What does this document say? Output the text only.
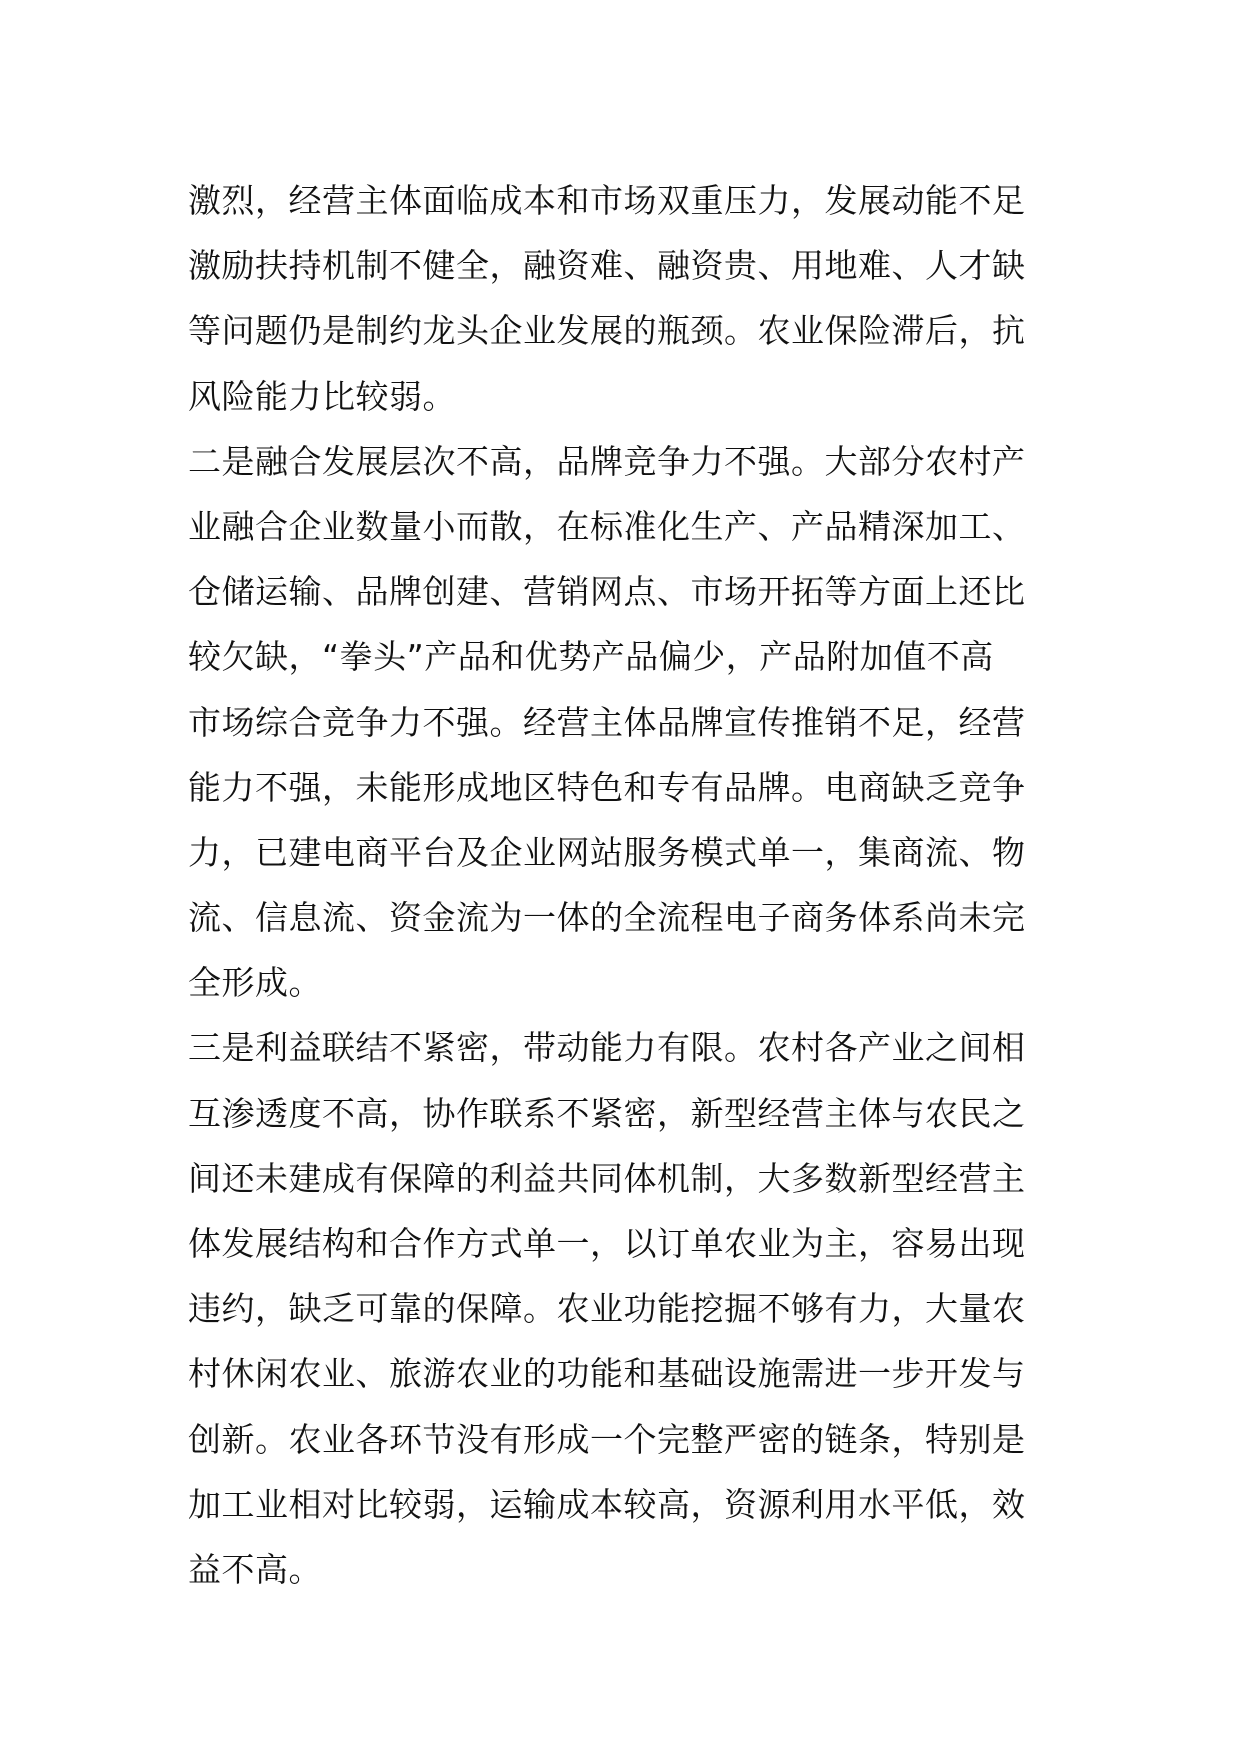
激烈，经营主体面临成本和市场双重压力，发展动能不足
激励扶持机制不健全，融资难、融资贵、用地难、人才缺
等问题仍是制约龙头企业发展的瓶颈。农业保险滞后，抗
风险能力比较弱。
二是融合发展层次不高，品牌竞争力不强。大部分农村产
业融合企业数量小而散，在标准化生产、产品精深加工、
仓储运输、品牌创建、营销网点、市场开拓等方面上还比
较欠缺，“拳头”产品和优势产品偏少，产品附加值不高
市场综合竞争力不强。经营主体品牌宣传推销不足，经营
能力不强，未能形成地区特色和专有品牌。电商缺乏竞争
力，已建电商平台及企业网站服务模式单一，集商流、物
流、信息流、资金流为一体的全流程电子商务体系尚未完
全形成。
三是利益联结不紧密，带动能力有限。农村各产业之间相
互渗透度不高，协作联系不紧密，新型经营主体与农民之
间还未建成有保障的利益共同体机制，大多数新型经营主
体发展结构和合作方式单一，以订单农业为主，容易出现
违约，缺乏可靠的保障。农业功能挖掘不够有力，大量农
村休闲农业、旅游农业的功能和基础设施需进一步开发与
创新。农业各环节没有形成一个完整严密的链条，特别是
加工业相对比较弱，运输成本较高，资源利用水平低，效
益不高。
